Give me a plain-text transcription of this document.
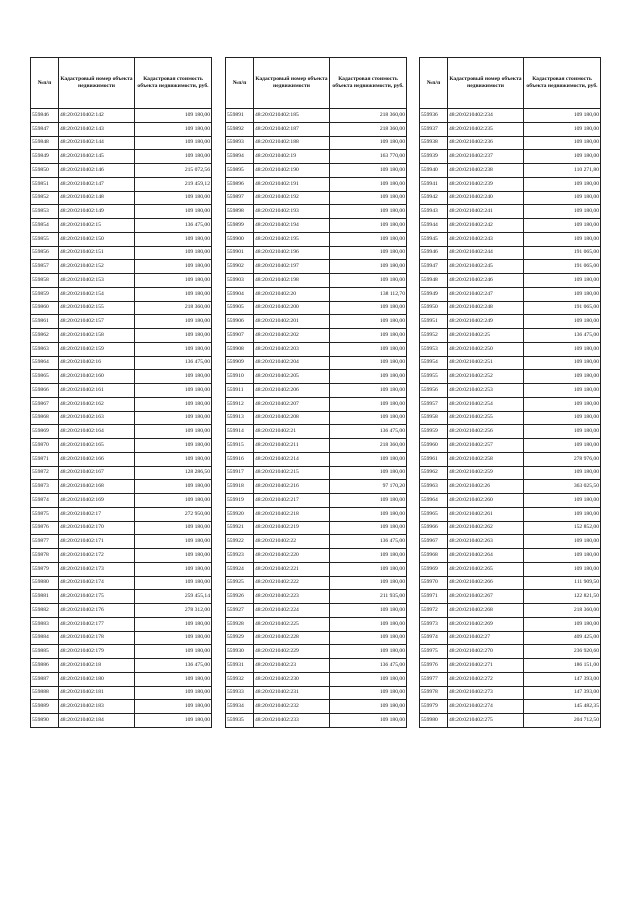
№п/п	Кадастровый номер объекта недвижимости	Кадастровая стоимость объекта недвижимости, руб.
559846	48:20:0210402:142	109 180,00
559847	48:20:0210402:143	109 180,00
559848	48:20:0210402:144	109 180,00
559849	48:20:0210402:145	109 180,00
559850	48:20:0210402:146	215 072,56
559851	48:20:0210402:147	219 459,12
559852	48:20:0210402:148	109 180,00
559853	48:20:0210402:149	109 180,00
559854	48:20:0210402:15	136 475,00
559855	48:20:0210402:150	109 180,00
559856	48:20:0210402:151	109 180,00
559857	48:20:0210402:152	109 180,00
559858	48:20:0210402:153	109 180,00
559859	48:20:0210402:154	109 180,00
559860	48:20:0210402:155	218 360,00
559861	48:20:0210402:157	109 180,00
559862	48:20:0210402:158	109 180,00
559863	48:20:0210402:159	109 180,00
559864	48:20:0210402:16	136 475,00
559865	48:20:0210402:160	109 180,00
559866	48:20:0210402:161	109 180,00
559867	48:20:0210402:162	109 180,00
559868	48:20:0210402:163	109 180,00
559869	48:20:0210402:164	109 180,00
559870	48:20:0210402:165	109 180,00
559871	48:20:0210402:166	109 180,00
559872	48:20:0210402:167	128 286,50
559873	48:20:0210402:168	109 180,00
559874	48:20:0210402:169	109 180,00
559875	48:20:0210402:17	272 950,00
559876	48:20:0210402:170	109 180,00
559877	48:20:0210402:171	109 180,00
559878	48:20:0210402:172	109 180,00
559879	48:20:0210402:173	109 180,00
559880	48:20:0210402:174	109 180,00
559881	48:20:0210402:175	259 455,14
559882	48:20:0210402:176	278 312,00
559883	48:20:0210402:177	109 180,00
559884	48:20:0210402:178	109 180,00
559885	48:20:0210402:179	109 180,00
559886	48:20:0210402:18	136 475,00
559887	48:20:0210402:180	109 180,00
559888	48:20:0210402:181	109 180,00
559889	48:20:0210402:183	109 180,00
559890	48:20:0210402:184	109 180,00
№п/п	Кадастровый номер объекта недвижимости	Кадастровая стоимость объекта недвижимости, руб.
559891	48:20:0210402:185	218 360,00
559892	48:20:0210402:187	218 360,00
559893	48:20:0210402:188	109 180,00
559894	48:20:0210402:19	163 770,00
559895	48:20:0210402:190	109 180,00
559896	48:20:0210402:191	109 180,00
559897	48:20:0210402:192	109 180,00
559898	48:20:0210402:193	109 180,00
559899	48:20:0210402:194	109 180,00
559900	48:20:0210402:195	109 180,00
559901	48:20:0210402:196	109 180,00
559902	48:20:0210402:197	109 180,00
559903	48:20:0210402:198	109 180,00
559904	48:20:0210402:20	138 112,70
559905	48:20:0210402:200	109 180,00
559906	48:20:0210402:201	109 180,00
559907	48:20:0210402:202	109 180,00
559908	48:20:0210402:203	109 180,00
559909	48:20:0210402:204	109 180,00
559910	48:20:0210402:205	109 180,00
559911	48:20:0210402:206	109 180,00
559912	48:20:0210402:207	109 180,00
559913	48:20:0210402:208	109 180,00
559914	48:20:0210402:21	136 475,00
559915	48:20:0210402:211	218 360,00
559916	48:20:0210402:214	109 180,00
559917	48:20:0210402:215	109 180,00
559918	48:20:0210402:216	97 170,20
559919	48:20:0210402:217	109 180,00
559920	48:20:0210402:218	109 180,00
559921	48:20:0210402:219	109 180,00
559922	48:20:0210402:22	136 475,00
559923	48:20:0210402:220	109 180,00
559924	48:20:0210402:221	109 180,00
559925	48:20:0210402:222	109 180,00
559926	48:20:0210402:223	211 935,00
559927	48:20:0210402:224	109 180,00
559928	48:20:0210402:225	109 180,00
559929	48:20:0210402:228	109 180,00
559930	48:20:0210402:229	109 180,00
559931	48:20:0210402:23	136 475,00
559932	48:20:0210402:230	109 180,00
559933	48:20:0210402:231	109 180,00
559934	48:20:0210402:232	109 180,00
559935	48:20:0210402:233	109 180,00
№п/п	Кадастровый номер объекта недвижимости	Кадастровая стоимость объекта недвижимости, руб.
559936	48:20:0210402:234	109 180,00
559937	48:20:0210402:235	109 180,00
559938	48:20:0210402:236	109 180,00
559939	48:20:0210402:237	109 180,00
559940	48:20:0210402:238	110 271,80
559941	48:20:0210402:239	109 180,00
559942	48:20:0210402:240	109 180,00
559943	48:20:0210402:241	109 180,00
559944	48:20:0210402:242	109 180,00
559945	48:20:0210402:243	109 180,00
559946	48:20:0210402:244	191 065,00
559947	48:20:0210402:245	191 065,00
559948	48:20:0210402:246	109 180,00
559949	48:20:0210402:247	109 180,00
559950	48:20:0210402:248	191 065,00
559951	48:20:0210402:249	109 180,00
559952	48:20:0210402:25	136 475,00
559953	48:20:0210402:250	109 180,00
559954	48:20:0210402:251	109 180,00
559955	48:20:0210402:252	109 180,00
559956	48:20:0210402:253	109 180,00
559957	48:20:0210402:254	109 180,00
559958	48:20:0210402:255	109 180,00
559959	48:20:0210402:256	109 180,00
559960	48:20:0210402:257	109 180,00
559961	48:20:0210402:258	278 976,00
559962	48:20:0210402:259	109 180,00
559963	48:20:0210402:26	363 025,50
559964	48:20:0210402:260	109 180,00
559965	48:20:0210402:261	109 180,00
559966	48:20:0210402:262	152 852,00
559967	48:20:0210402:263	109 180,00
559968	48:20:0210402:264	109 180,00
559969	48:20:0210402:265	109 180,00
559970	48:20:0210402:266	111 909,50
559971	48:20:0210402:267	122 821,50
559972	48:20:0210402:268	218 360,00
559973	48:20:0210402:269	109 180,00
559974	48:20:0210402:27	409 425,00
559975	48:20:0210402:270	236 920,60
559976	48:20:0210402:271	186 151,00
559977	48:20:0210402:272	147 393,00
559978	48:20:0210402:273	147 393,00
559979	48:20:0210402:274	145 482,35
559980	48:20:0210402:275	204 712,50
